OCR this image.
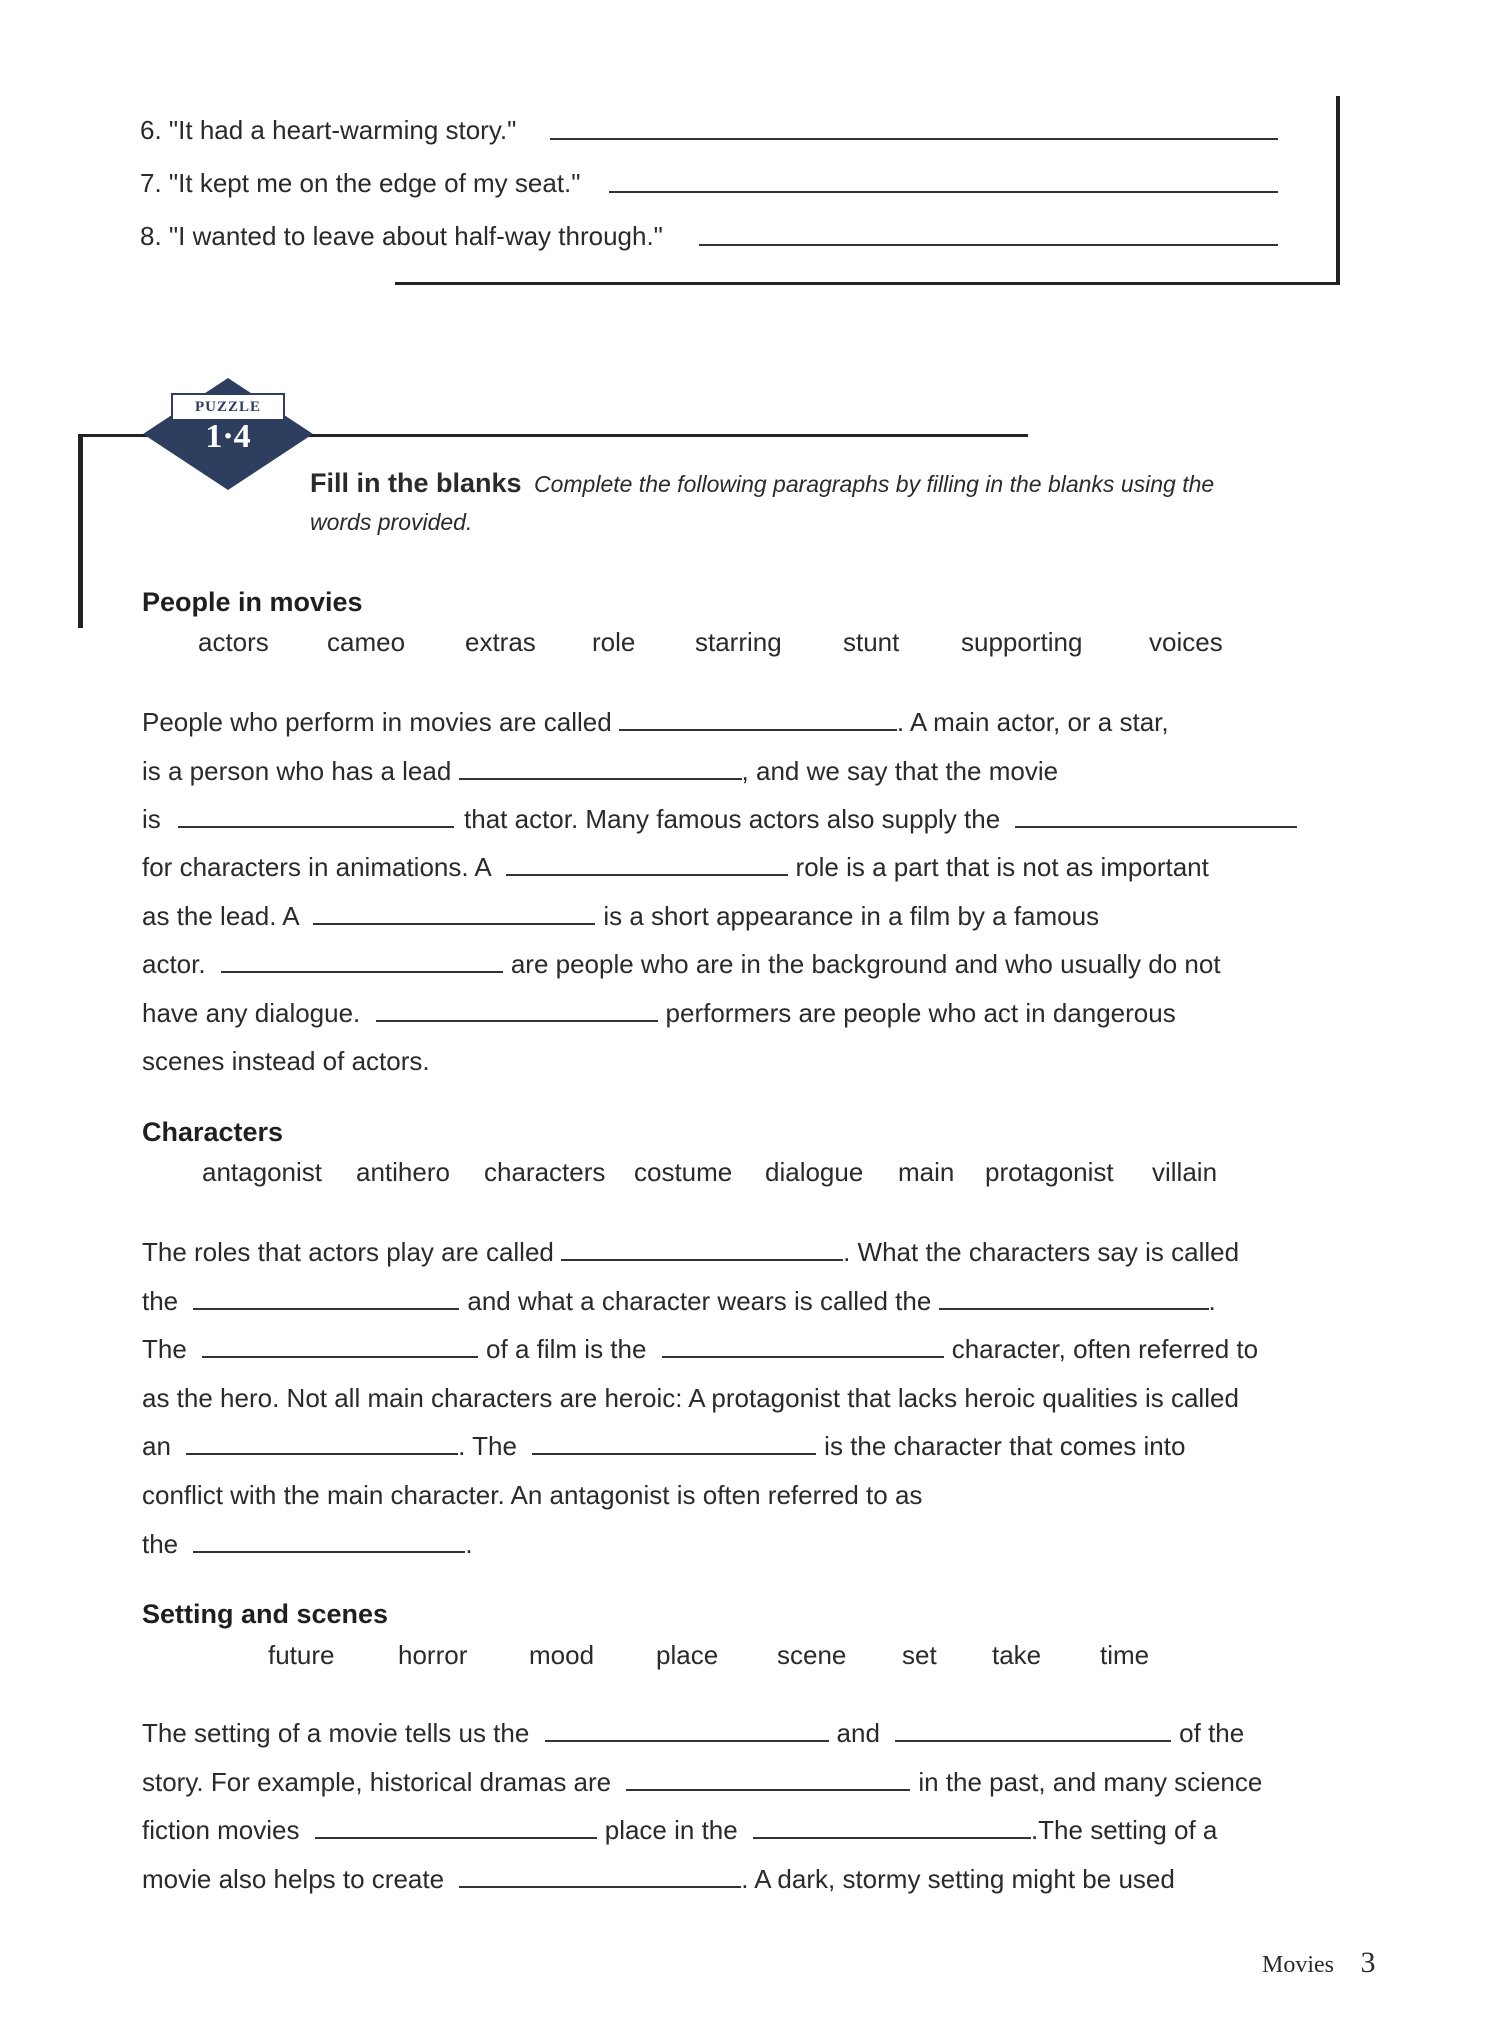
6. "It had a heart-warming story."
7. "It kept me on the edge of my seat."
8. "I wanted to leave about half-way through."
PUZZLE
1·4
Fill in the blanks Complete the following paragraphs by filling in the blanks using the
words provided.
People in movies
actors cameo extras role starring stunt supporting	voices
People who perform in movies are called	. A main actor, or a star,
is a person who has a lead	, and we say that the movie
is	that actor. Many famous actors also supply the
for characters in animations. A	role is a part that is not as important
as the lead. A	is a short appearance in a film by a famous
actor.	are people who are in the background and who usually do not
have any dialogue.	performers are people who act in dangerous
scenes instead of actors.
Characters
antagonist antihero characters costume dialogue main protagonist villain
The roles that actors play are called	. What the characters say is called
the	and what a character wears is called the	.
The	of a film is the	character, often referred to
as the hero. Not all main characters are heroic: A protagonist that lacks heroic qualities is called
an	. The	is the character that comes into
conflict with the main character. An antagonist is often referred to as
the	.
Setting and scenes
future horror mood place scene set take time
The setting of a movie tells us the	and	of the
story. For example, historical dramas are	in the past, and many science
fiction movies	place in the	.The setting of a
movie also helps to create	. A dark, stormy setting might be used
Movies 3
